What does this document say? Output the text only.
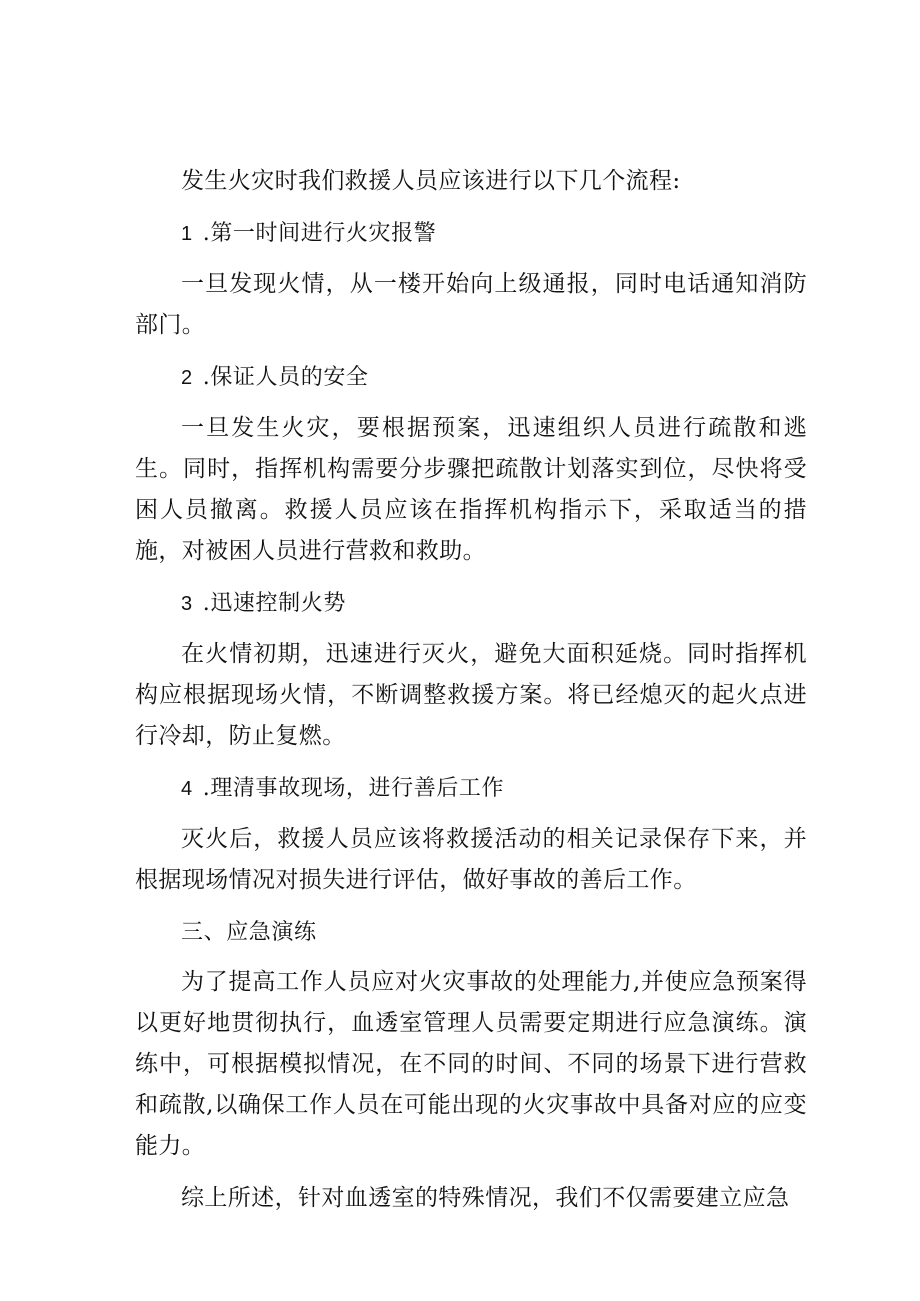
发生火灾时我们救援人员应该进行以下几个流程:

1 .第一时间进行火灾报警

一旦发现火情，从一楼开始向上级通报，同时电话通知消防部门。

2 .保证人员的安全

一旦发生火灾，要根据预案，迅速组织人员进行疏散和逃生。同时，指挥机构需要分步骤把疏散计划落实到位，尽快将受困人员撤离。救援人员应该在指挥机构指示下，采取适当的措施，对被困人员进行营救和救助。

3 .迅速控制火势

在火情初期，迅速进行灭火，避免大面积延烧。同时指挥机构应根据现场火情，不断调整救援方案。将已经熄灭的起火点进行冷却，防止复燃。

4 .理清事故现场，进行善后工作

灭火后，救援人员应该将救援活动的相关记录保存下来，并根据现场情况对损失进行评估，做好事故的善后工作。

三、应急演练

为了提高工作人员应对火灾事故的处理能力,并使应急预案得以更好地贯彻执行，血透室管理人员需要定期进行应急演练。演练中，可根据模拟情况，在不同的时间、不同的场景下进行营救和疏散,以确保工作人员在可能出现的火灾事故中具备对应的应变能力。

综上所述，针对血透室的特殊情况，我们不仅需要建立应急
